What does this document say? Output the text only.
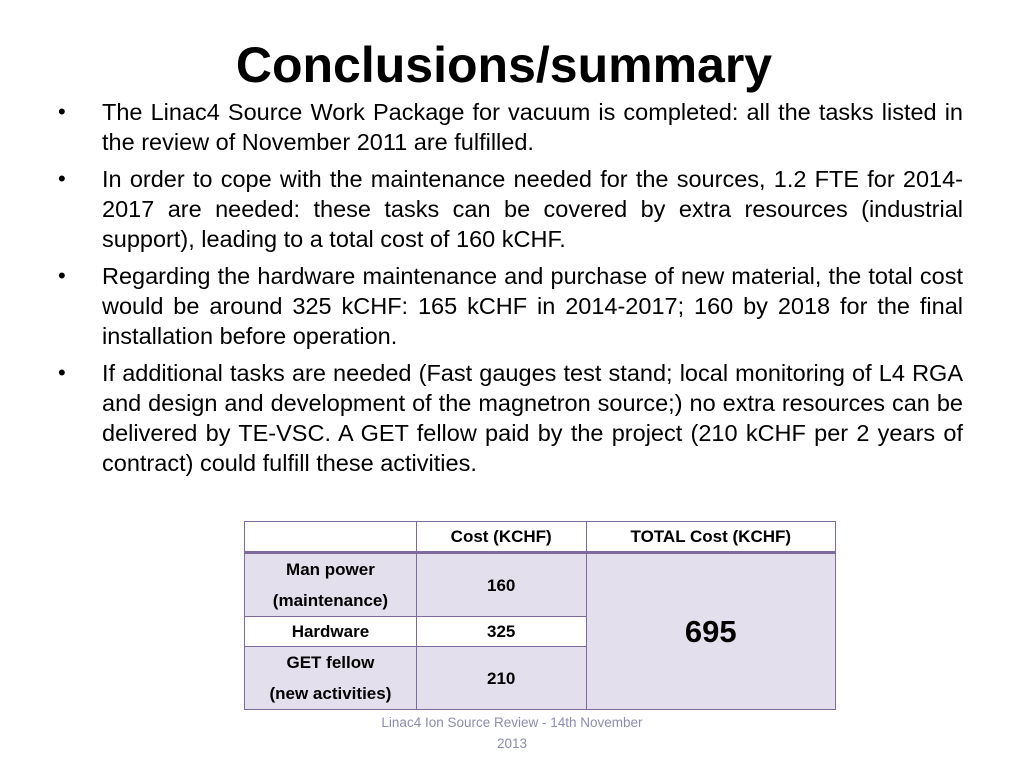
Conclusions/summary
• The Linac4 Source Work Package for vacuum is completed: all the tasks listed in the review of November 2011 are fulfilled.
• In order to cope with the maintenance needed for the sources, 1.2 FTE for 2014-2017 are needed: these tasks can be covered by extra resources (industrial support), leading to a total cost of 160 kCHF.
• Regarding the hardware maintenance and purchase of new material, the total cost would be around 325 kCHF: 165 kCHF in 2014-2017; 160 by 2018 for the final installation before operation.
• If additional tasks are needed (Fast gauges test stand; local monitoring of L4 RGA and design and development of the magnetron source;) no extra resources can be delivered by TE-VSC. A GET fellow paid by the project (210 kCHF per 2 years of contract) could fulfill these activities.
	Cost (KCHF)	TOTAL Cost (KCHF)

Man power
(maintenance)	160	695
Hardware	325	

GET fellow
(new activities)	210	
Linac4 Ion Source Review - 14th November
2013
